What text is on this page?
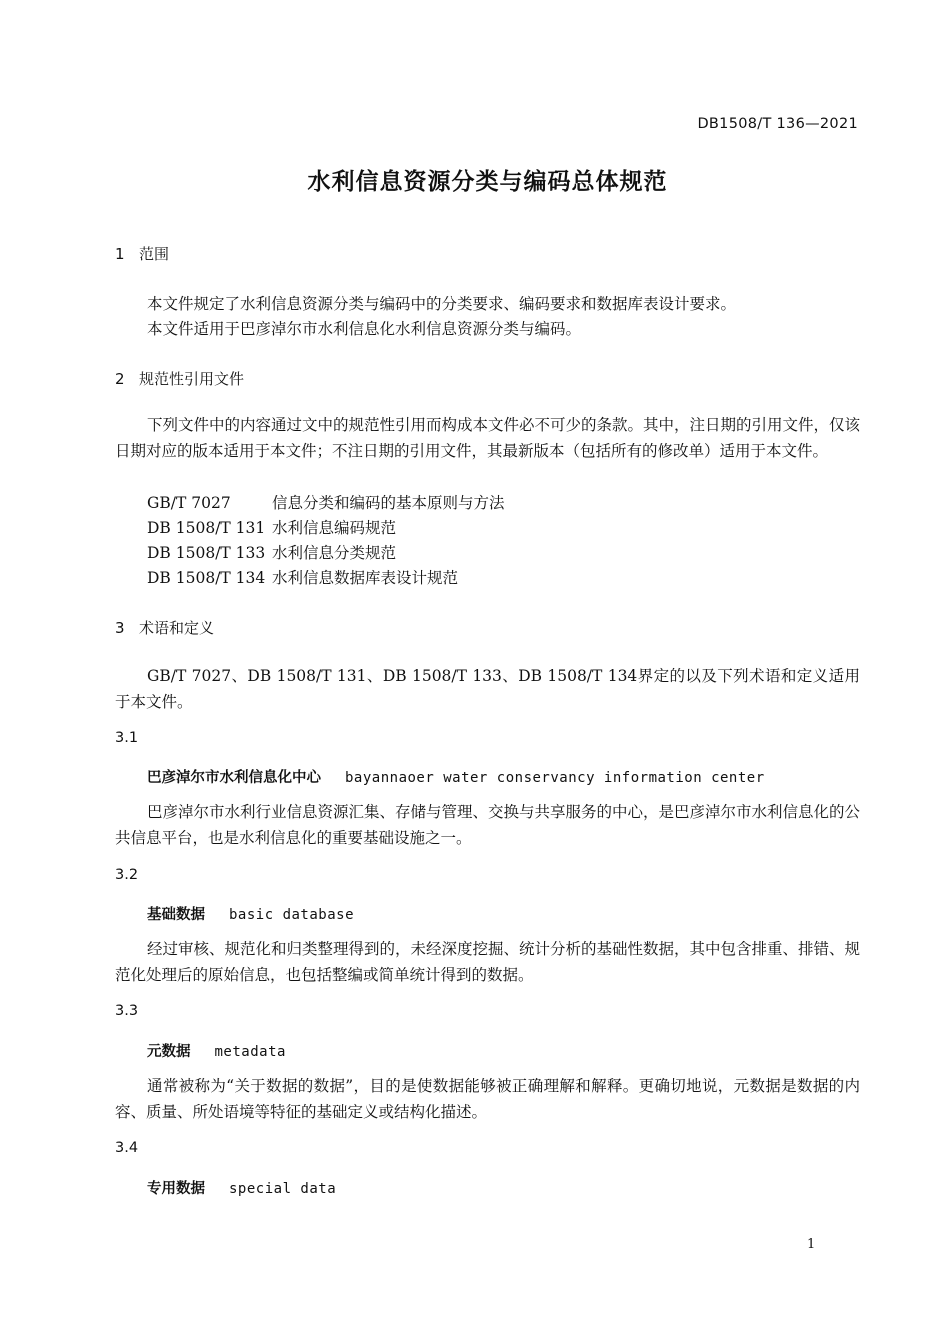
DB1508/T 136—2021
水利信息资源分类与编码总体规范
1 范围
本文件规定了水利信息资源分类与编码中的分类要求、编码要求和数据库表设计要求。
本文件适用于巴彦淖尔市水利信息化水利信息资源分类与编码。
2 规范性引用文件
下列文件中的内容通过文中的规范性引用而构成本文件必不可少的条款。其中，注日期的引用文件，仅该日期对应的版本适用于本文件；不注日期的引用文件，其最新版本（包括所有的修改单）适用于本文件。
GB/T 7027	信息分类和编码的基本原则与方法
DB 1508/T 131 水利信息编码规范
DB 1508/T 133 水利信息分类规范
DB 1508/T 134 水利信息数据库表设计规范
3 术语和定义
GB/T 7027、DB 1508/T 131、DB 1508/T 133、DB 1508/T 134界定的以及下列术语和定义适用于本文件。
3.1
巴彦淖尔市水利信息化中心 bayannaoer water conservancy information center
巴彦淖尔市水利行业信息资源汇集、存储与管理、交换与共享服务的中心，是巴彦淖尔市水利信息化的公共信息平台，也是水利信息化的重要基础设施之一。
3.2
基础数据 basic database
经过审核、规范化和归类整理得到的，未经深度挖掘、统计分析的基础性数据，其中包含排重、排错、规范化处理后的原始信息，也包括整编或简单统计得到的数据。
3.3
元数据 metadata
通常被称为“关于数据的数据”，目的是使数据能够被正确理解和解释。更确切地说，元数据是数据的内容、质量、所处语境等特征的基础定义或结构化描述。
3.4
专用数据 special data
1
